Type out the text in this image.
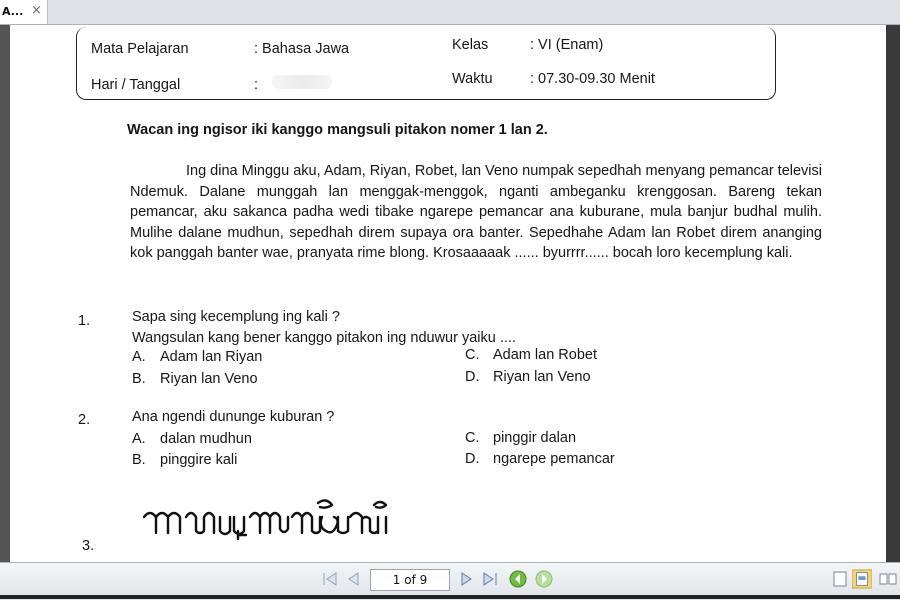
A... ×
Mata Pelajaran	: Bahasa Jawa	Kelas	: VI (Enam)
Hari / Tanggal	:	Waktu	: 07.30-09.30 Menit
Wacan ing ngisor iki kanggo mangsuli pitakon nomer 1 lan 2.

Ing dina Minggu aku, Adam, Riyan, Robet, lan Veno numpak sepedhah menyang pemancar televisi Ndemuk. Dalane munggah lan menggak-menggok, nganti ambeganku krenggosan. Bareng tekan pemancar, aku sakanca padha wedi tibake ngarepe pemancar ana kuburane, mula banjur budhal mulih. Mulihe dalane mudhun, sepedhah direm supaya ora banter. Sepedhahe Adam lan Robet direm ananging kok panggah banter wae, pranyata rime blong. Krosaaaaak ...... byurrrr...... bocah loro kecemplung kali.

1.	Sapa sing kecemplung ing kali ?
Wangsulan kang bener kanggo pitakon ing nduwur yaiku ....
A. Adam lan Riyan
B. Riyan lan Veno
C. Adam lan Robet
D. Riyan lan Veno
2.	Ana ngendi dununge kuburan ?
A. dalan mudhun
B. pinggire kali
C. pinggir dalan
D. ngarepe pemancar
3.
1 of 9
